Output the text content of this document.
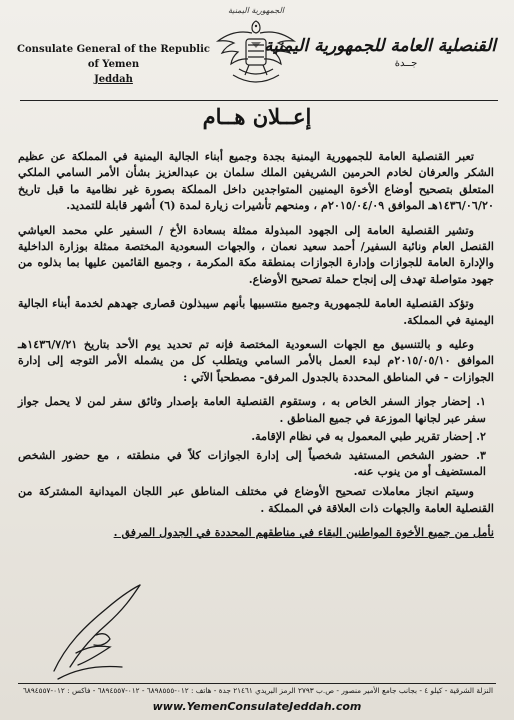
Consulate General of the Republic of Yemen
Jeddah
الجمهورية اليمنية
القنصلية العامة للجمهورية اليمنية
جــدة
إعــلان هــام

تعبر القنصلية العامة للجمهورية اليمنية بجدة وجميع أبناء الجالية اليمنية في المملكة عن عظيم الشكر والعرفان لخادم الحرمين الشريفين الملك سلمان بن عبدالعزيز بشأن الأمر السامي الملكي المتعلق بتصحيح أوضاع الأخوة اليمنيين المتواجدين داخل المملكة بصورة غير نظامية ما قبل تاريخ ١٤٣٦/٠٦/٢٠هـ الموافق ٢٠١٥/٠٤/٠٩م ، ومنحهم تأشيرات زيارة لمدة (٦) أشهر قابلة للتمديد.

وتشير القنصلية العامة إلى الجهود المبذولة ممثلة بسعادة الأخ / السفير علي محمد العياشي القنصل العام ونائبة السفير/ أحمد سعيد نعمان ، والجهات السعودية المختصة ممثلة بوزارة الداخلية والإدارة العامة للجوازات وإدارة الجوازات بمنطقة مكة المكرمة ، وجميع القائمين عليها بما بذلوه من جهود متواصلة تهدف إلى إنجاح حملة تصحيح الأوضاع.

وتؤكد القنصلية العامة للجمهورية وجميع منتسبيها بأنهم سيبذلون قصارى جهدهم لخدمة أبناء الجالية اليمنية في المملكة.

وعليه و بالتنسيق مع الجهات السعودية المختصة فإنه تم تحديد يوم الأحد بتاريخ ١٤٣٦/٧/٢١هـ الموافق ٢٠١٥/٠٥/١٠م لبدء العمل بالأمر السامي ويتطلب كل من يشمله الأمر التوجه إلى إدارة الجوازات - في المناطق المحددة بالجدول المرفق- مصطحباً الآتي :

١. إحضار جواز السفر الخاص به ، وستقوم القنصلية العامة بإصدار وثائق سفر لمن لا يحمل جواز سفر عبر لجانها الموزعة في جميع المناطق .
٢. إحضار تقرير طبي المعمول به في نظام الإقامة.
٣. حضور الشخص المستفيد شخصياً إلى إدارة الجوازات كلاً في منطقته ، مع حضور الشخص المستضيف أو من ينوب عنه.

وسيتم انجاز معاملات تصحيح الأوضاع في مختلف المناطق عبر اللجان الميدانية المشتركة من القنصلية العامة والجهات ذات العلاقة في المملكة .

نأمل من جميع الأخوة المواطنين البقاء في مناطقهم المحددة في الجدول المرفق .

النزلة الشرقية - كيلو ٤ - بجانب جامع الأمير منصور - ص.ب ٢٧٩٣ الرمز البريدي ٢١٤٦١ جدة - هاتف : ٠١٢-٦٨٩٨٥٥٥ - ٠١٢-٦٨٩٤٥٥٧ - فاكس : ٠١٢-٦٨٩٤٥٥٧
www.YemenConsulateJeddah.com
